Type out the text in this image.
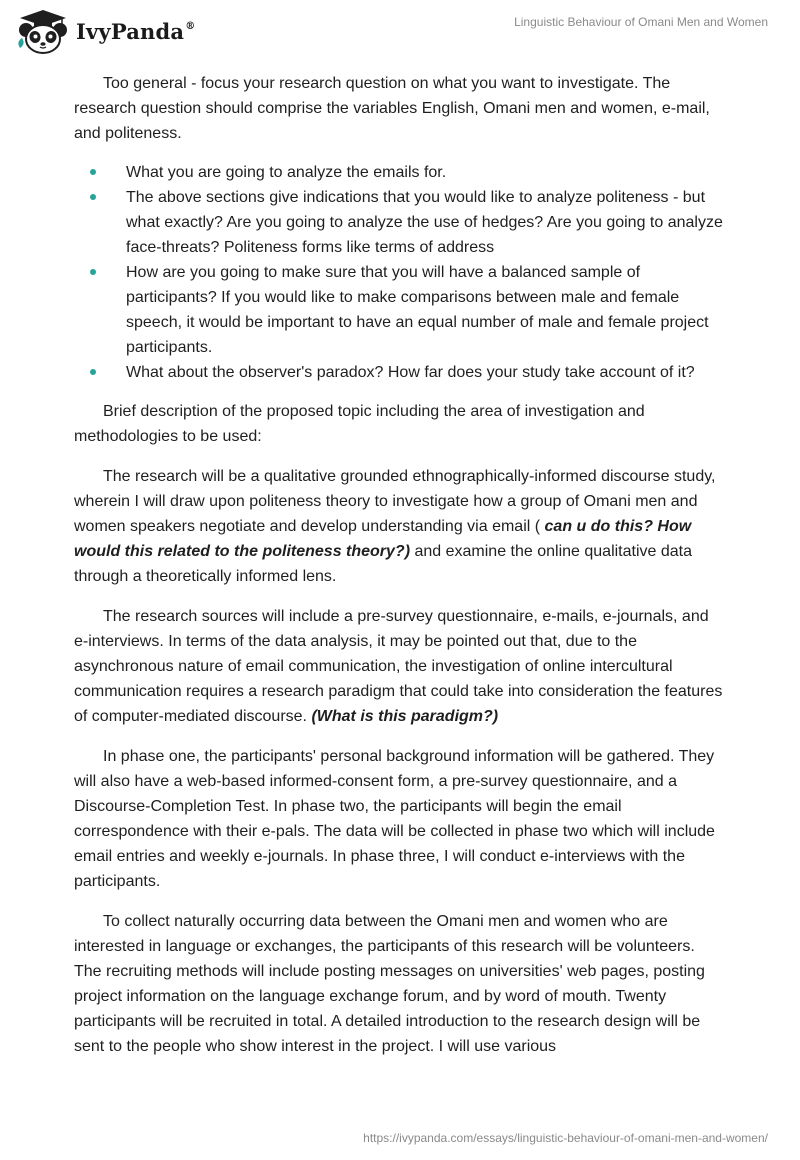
IvyPanda®	Linguistic Behaviour of Omani Men and Women

Too general - focus your research question on what you want to investigate. The research question should comprise the variables English, Omani men and women, e-mail, and politeness.

What you are going to analyze the emails for.
The above sections give indications that you would like to analyze politeness - but what exactly? Are you going to analyze the use of hedges? Are you going to analyze face-threats? Politeness forms like terms of address
How are you going to make sure that you will have a balanced sample of participants? If you would like to make comparisons between male and female speech, it would be important to have an equal number of male and female project participants.
What about the observer's paradox? How far does your study take account of it?

Brief description of the proposed topic including the area of investigation and methodologies to be used:

The research will be a qualitative grounded ethnographically-informed discourse study, wherein I will draw upon politeness theory to investigate how a group of Omani men and women speakers negotiate and develop understanding via email ( can u do this? How would this related to the politeness theory?) and examine the online qualitative data through a theoretically informed lens.

The research sources will include a pre-survey questionnaire, e-mails, e-journals, and e-interviews. In terms of the data analysis, it may be pointed out that, due to the asynchronous nature of email communication, the investigation of online intercultural communication requires a research paradigm that could take into consideration the features of computer-mediated discourse. (What is this paradigm?)

In phase one, the participants' personal background information will be gathered. They will also have a web-based informed-consent form, a pre-survey questionnaire, and a Discourse-Completion Test. In phase two, the participants will begin the email correspondence with their e-pals. The data will be collected in phase two which will include email entries and weekly e-journals. In phase three, I will conduct e-interviews with the participants.

To collect naturally occurring data between the Omani men and women who are interested in language or exchanges, the participants of this research will be volunteers. The recruiting methods will include posting messages on universities' web pages, posting project information on the language exchange forum, and by word of mouth. Twenty participants will be recruited in total. A detailed introduction to the research design will be sent to the people who show interest in the project. I will use various

https://ivypanda.com/essays/linguistic-behaviour-of-omani-men-and-women/
